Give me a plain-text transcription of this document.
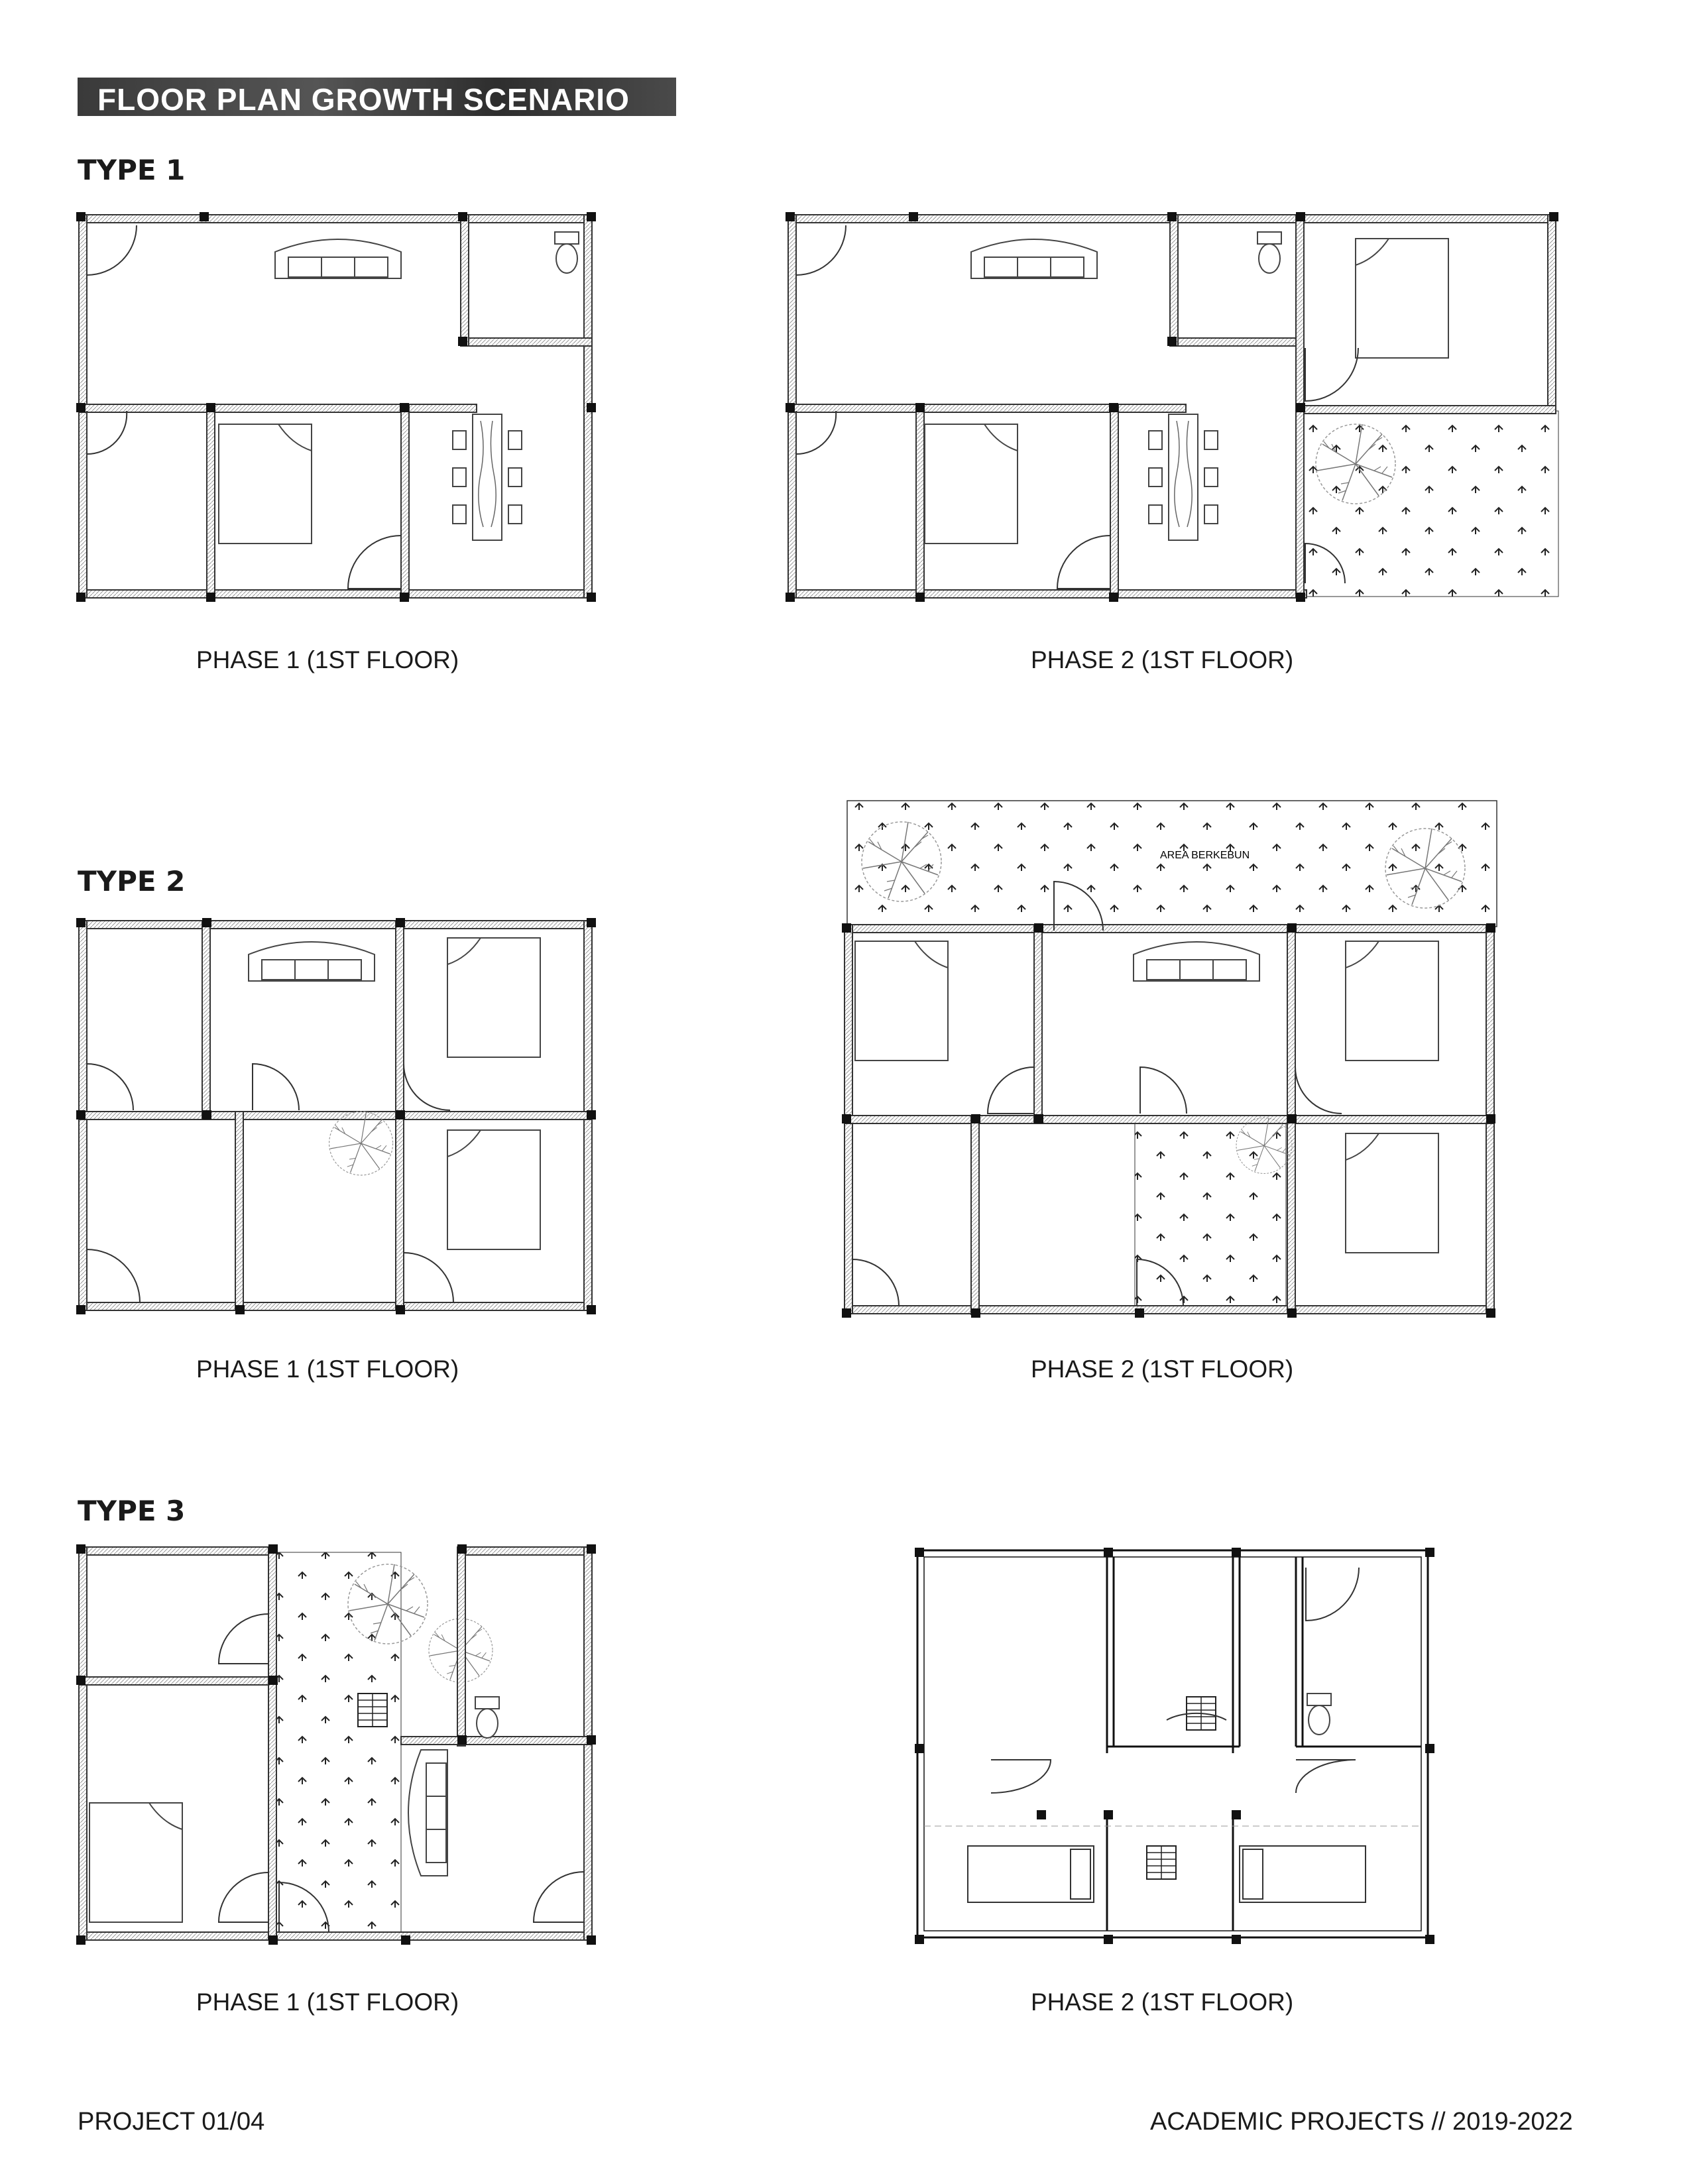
FLOOR PLAN GROWTH SCENARIO
TYPE 1
PHASE 1 (1ST FLOOR)	PHASE 2 (1ST FLOOR)
TYPE 2
AREA BERKEBUN
PHASE 1 (1ST FLOOR)	PHASE 2 (1ST FLOOR)
TYPE 3
PHASE 1 (1ST FLOOR)	PHASE 2 (1ST FLOOR)
PROJECT 01/04	ACADEMIC PROJECTS // 2019-2022
